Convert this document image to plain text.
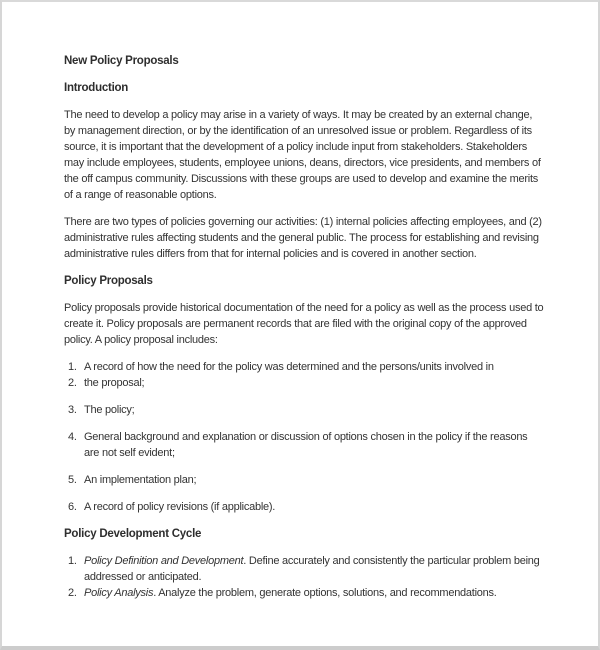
New Policy Proposals
Introduction

The need to develop a policy may arise in a variety of ways. It may be created by an external change, by management direction, or by the identification of an unresolved issue or problem. Regardless of its source, it is important that the development of a policy include input from stakeholders. Stakeholders may include employees, students, employee unions, deans, directors, vice presidents, and members of the off campus community. Discussions with these groups are used to develop and examine the merits of a range of reasonable options.

There are two types of policies governing our activities: (1) internal policies affecting employees, and (2) administrative rules affecting students and the general public. The process for establishing and revising administrative rules differs from that for internal policies and is covered in another section.

Policy Proposals

Policy proposals provide historical documentation of the need for a policy as well as the process used to create it. Policy proposals are permanent records that are filed with the original copy of the approved policy. A policy proposal includes:

1. A record of how the need for the policy was determined and the persons/units involved in
2. the proposal;
3. The policy;
4. General background and explanation or discussion of options chosen in the policy if the reasons are not self evident;
5. An implementation plan;
6. A record of policy revisions (if applicable).
Policy Development Cycle
1. Policy Definition and Development. Define accurately and consistently the particular problem being addressed or anticipated.
2. Policy Analysis. Analyze the problem, generate options, solutions, and recommendations.
